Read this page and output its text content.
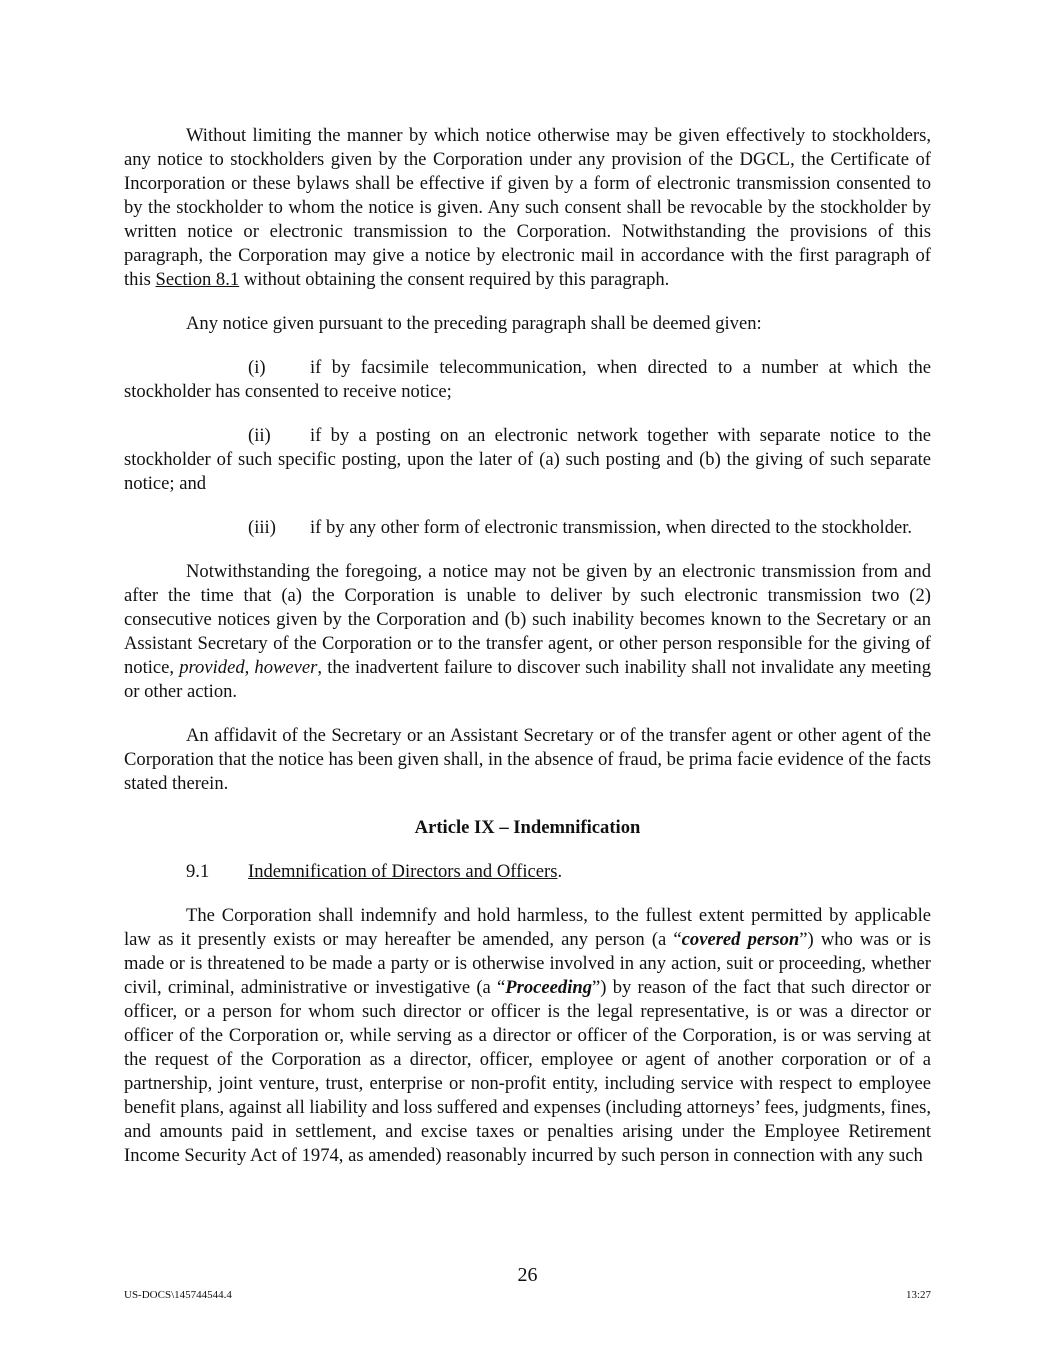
Without limiting the manner by which notice otherwise may be given effectively to stockholders, any notice to stockholders given by the Corporation under any provision of the DGCL, the Certificate of Incorporation or these bylaws shall be effective if given by a form of electronic transmission consented to by the stockholder to whom the notice is given. Any such consent shall be revocable by the stockholder by written notice or electronic transmission to the Corporation. Notwithstanding the provisions of this paragraph, the Corporation may give a notice by electronic mail in accordance with the first paragraph of this Section 8.1 without obtaining the consent required by this paragraph.

Any notice given pursuant to the preceding paragraph shall be deemed given:

(i) if by facsimile telecommunication, when directed to a number at which the stockholder has consented to receive notice;

(ii) if by a posting on an electronic network together with separate notice to the stockholder of such specific posting, upon the later of (a) such posting and (b) the giving of such separate notice; and

(iii) if by any other form of electronic transmission, when directed to the stockholder.

Notwithstanding the foregoing, a notice may not be given by an electronic transmission from and after the time that (a) the Corporation is unable to deliver by such electronic transmission two (2) consecutive notices given by the Corporation and (b) such inability becomes known to the Secretary or an Assistant Secretary of the Corporation or to the transfer agent, or other person responsible for the giving of notice, provided, however, the inadvertent failure to discover such inability shall not invalidate any meeting or other action.

An affidavit of the Secretary or an Assistant Secretary or of the transfer agent or other agent of the Corporation that the notice has been given shall, in the absence of fraud, be prima facie evidence of the facts stated therein.

Article IX – Indemnification
9.1 Indemnification of Directors and Officers.

The Corporation shall indemnify and hold harmless, to the fullest extent permitted by applicable law as it presently exists or may hereafter be amended, any person (a “covered person”) who was or is made or is threatened to be made a party or is otherwise involved in any action, suit or proceeding, whether civil, criminal, administrative or investigative (a “Proceeding”) by reason of the fact that such director or officer, or a person for whom such director or officer is the legal representative, is or was a director or officer of the Corporation or, while serving as a director or officer of the Corporation, is or was serving at the request of the Corporation as a director, officer, employee or agent of another corporation or of a partnership, joint venture, trust, enterprise or non-profit entity, including service with respect to employee benefit plans, against all liability and loss suffered and expenses (including attorneys’ fees, judgments, fines, and amounts paid in settlement, and excise taxes or penalties arising under the Employee Retirement Income Security Act of 1974, as amended) reasonably incurred by such person in connection with any such

26
US-DOCS\145744544.4	13:27
